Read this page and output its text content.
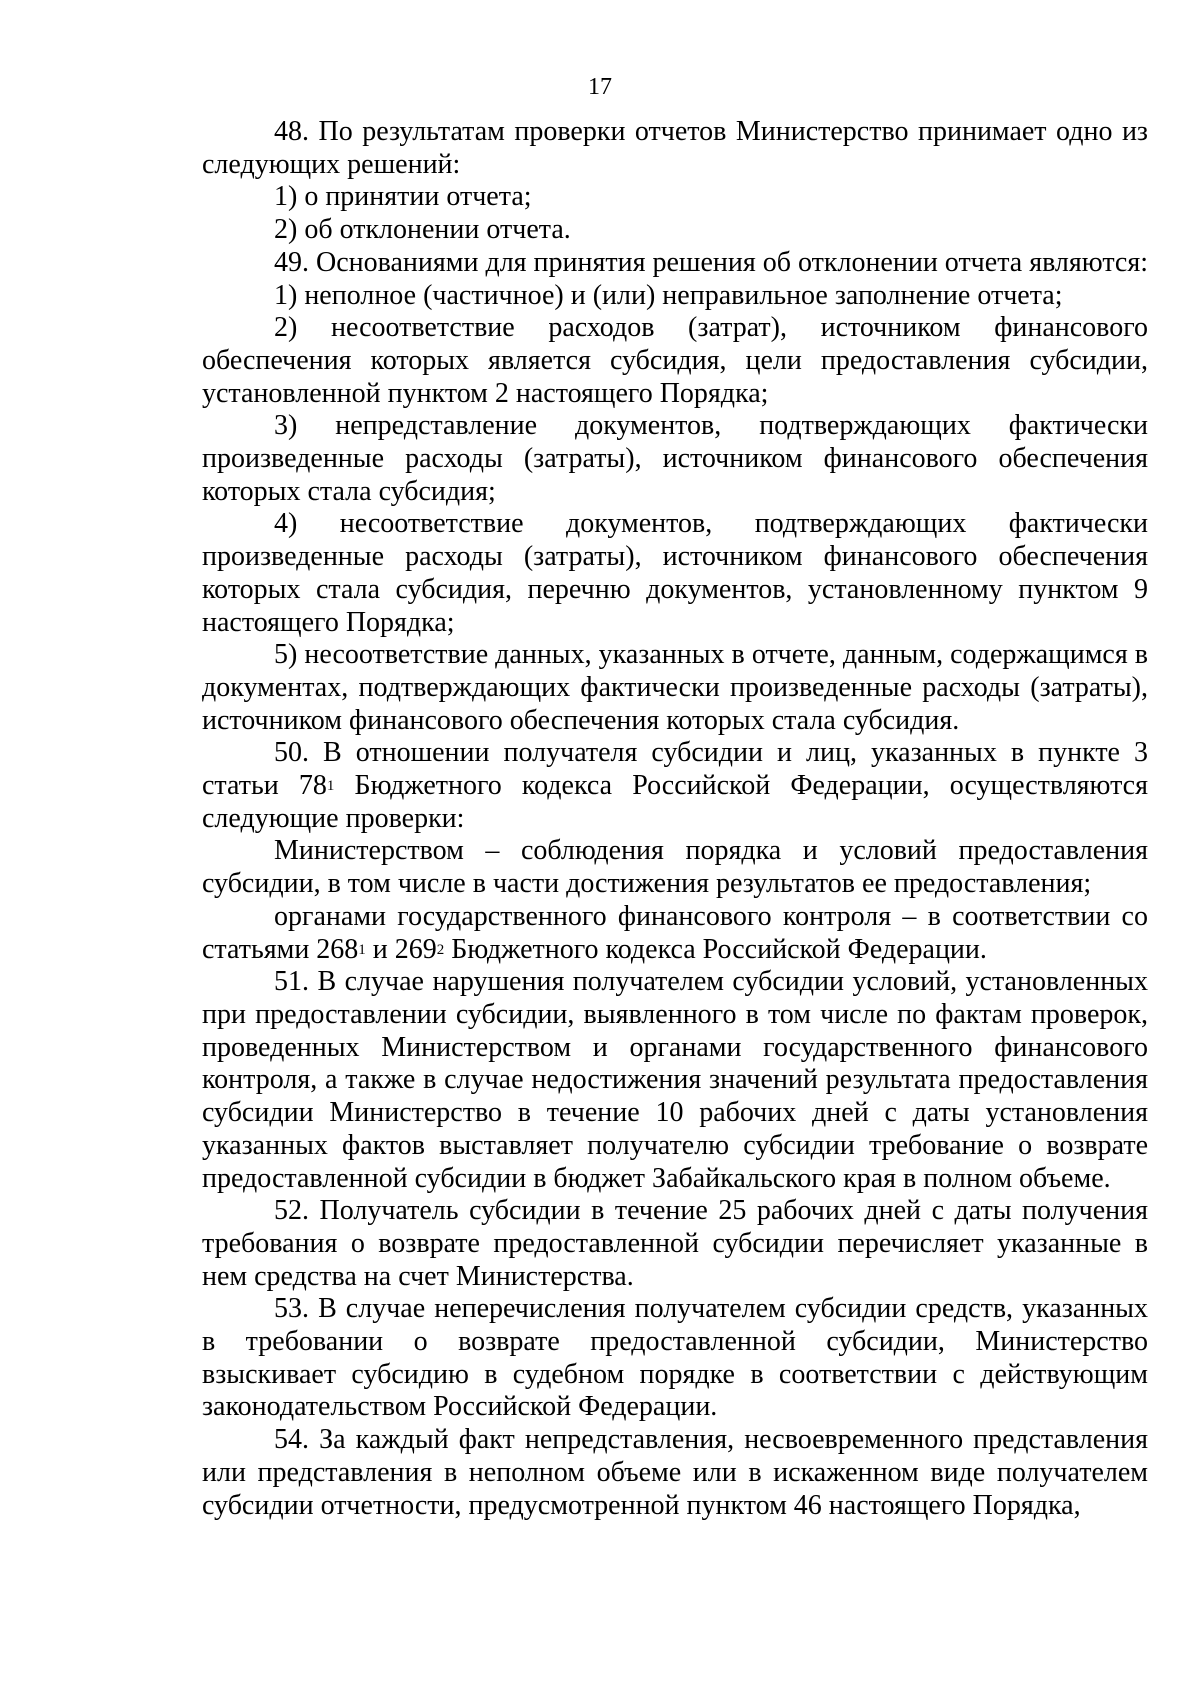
17

48. По результатам проверки отчетов Министерство принимает одно из следующих решений:

1) о принятии отчета;

2) об отклонении отчета.

49. Основаниями для принятия решения об отклонении отчета являются:

1) неполное (частичное) и (или) неправильное заполнение отчета;

2) несоответствие расходов (затрат), источником финансового обеспечения которых является субсидия, цели предоставления субсидии, установленной пунктом 2 настоящего Порядка;

3) непредставление документов, подтверждающих фактически произведенные расходы (затраты), источником финансового обеспечения которых стала субсидия;

4) несоответствие документов, подтверждающих фактически произведенные расходы (затраты), источником финансового обеспечения которых стала субсидия, перечню документов, установленному пунктом 9 настоящего Порядка;

5) несоответствие данных, указанных в отчете, данным, содержащимся в документах, подтверждающих фактически произведенные расходы (затраты), источником финансового обеспечения которых стала субсидия.

50. В отношении получателя субсидии и лиц, указанных в пункте 3 статьи $78^1$ Бюджетного кодекса Российской Федерации, осуществляются следующие проверки:

Министерством – соблюдения порядка и условий предоставления субсидии, в том числе в части достижения результатов ее предоставления;

органами государственного финансового контроля – в соответствии со статьями $268^1$ и $269^2$ Бюджетного кодекса Российской Федерации.

51. В случае нарушения получателем субсидии условий, установленных при предоставлении субсидии, выявленного в том числе по фактам проверок, проведенных Министерством и органами государственного финансового контроля, а также в случае недостижения значений результата предоставления субсидии Министерство в течение 10 рабочих дней с даты установления указанных фактов выставляет получателю субсидии требование о возврате предоставленной субсидии в бюджет Забайкальского края в полном объеме.

52. Получатель субсидии в течение 25 рабочих дней с даты получения требования о возврате предоставленной субсидии перечисляет указанные в нем средства на счет Министерства.

53. В случае неперечисления получателем субсидии средств, указанных в требовании о возврате предоставленной субсидии, Министерство взыскивает субсидию в судебном порядке в соответствии с действующим законодательством Российской Федерации.

54. За каждый факт непредставления, несвоевременного представления или представления в неполном объеме или в искаженном виде получателем субсидии отчетности, предусмотренной пунктом 46 настоящего Порядка,
